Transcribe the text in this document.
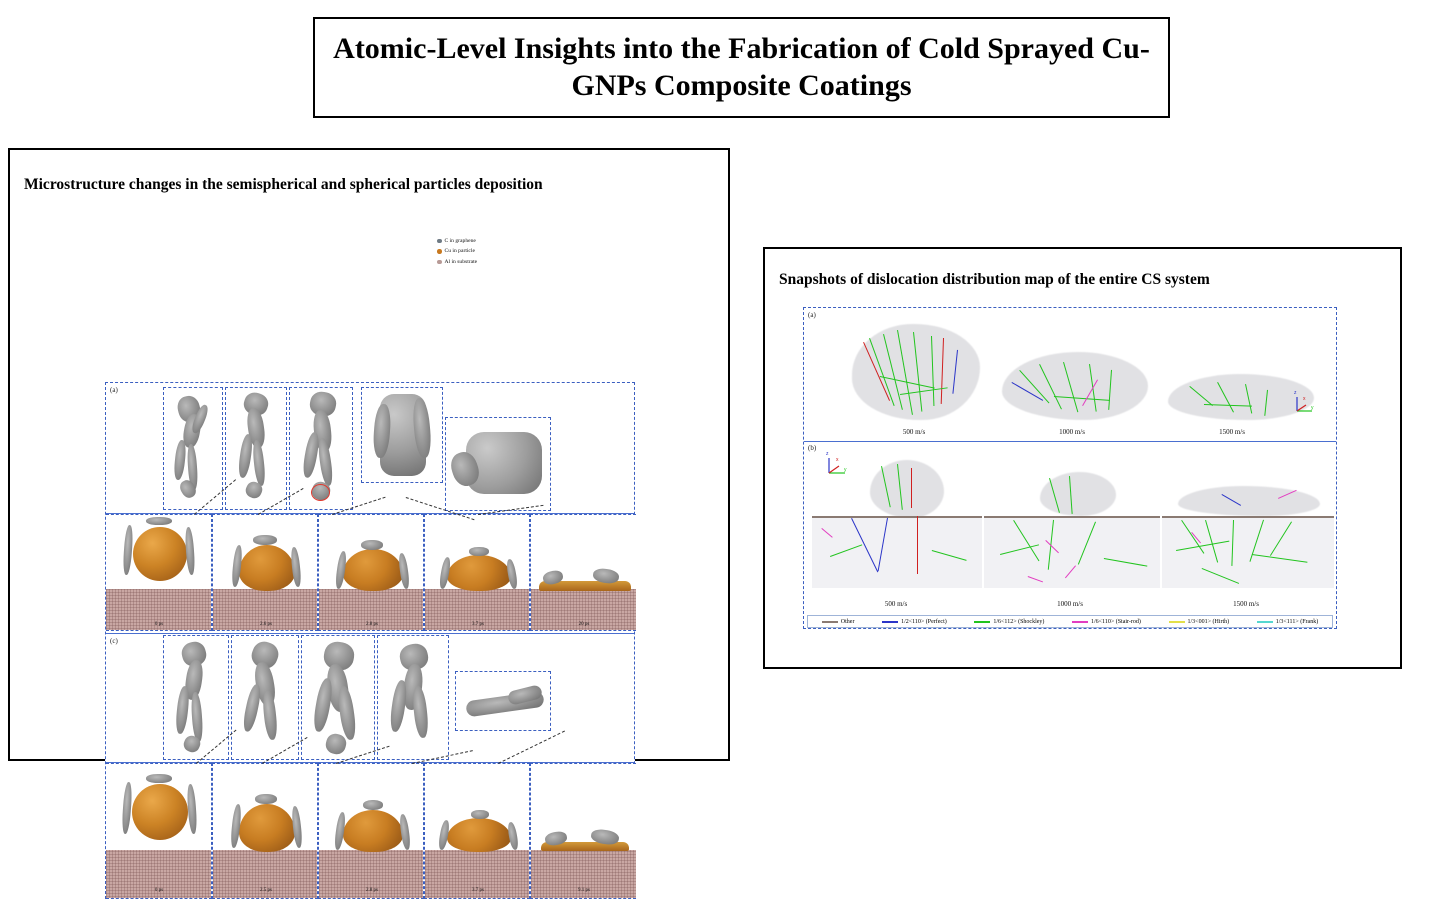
Atomic-Level Insights into the Fabrication of Cold Sprayed Cu-GNPs Composite Coatings
Microstructure changes in the semispherical and spherical particles deposition
(a)
0 ps	2.6 ps	2.8 ps	3.7 ps	20 ps
(c)
0 ps	2.5 ps	2.8 ps	3.7 ps	9.1 ps
C in graphene
Cu in particle
Al in substrate
Snapshots of dislocation distribution map of the entire CS system
(a)
z
y
x
500 m/s	1000 m/s	1500 m/s
(b)
z
y
x
500 m/s	1000 m/s	1500 m/s
Other	1/2<110> (Perfect)	1/6<112> (Shockley)	1/6<110> (Stair-rod)	1/3<001> (Hirth)	1/3<111> (Frank)
